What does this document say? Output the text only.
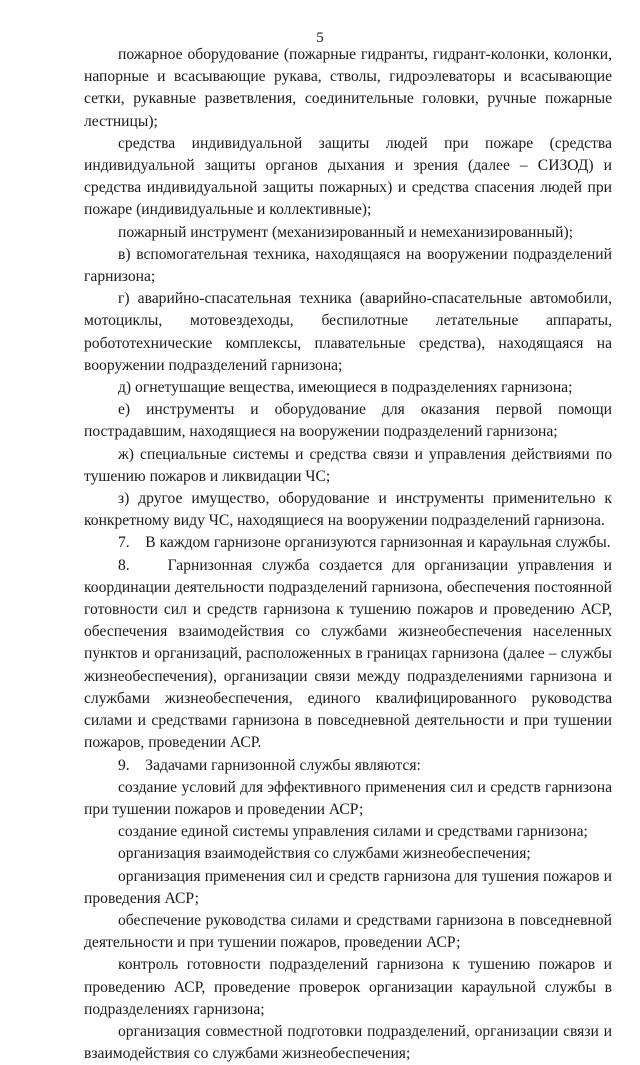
5

пожарное оборудование (пожарные гидранты, гидрант-колонки, колонки, напорные и всасывающие рукава, стволы, гидроэлеваторы и всасывающие сетки, рукавные разветвления, соединительные головки, ручные пожарные лестницы);

средства индивидуальной защиты людей при пожаре (средства индивидуальной защиты органов дыхания и зрения (далее – СИЗОД) и средства индивидуальной защиты пожарных) и средства спасения людей при пожаре (индивидуальные и коллективные);

пожарный инструмент (механизированный и немеханизированный);

в) вспомогательная техника, находящаяся на вооружении подразделений гарнизона;

г) аварийно-спасательная техника (аварийно-спасательные автомобили, мотоциклы, мотовездеходы, беспилотные летательные аппараты, робототехнические комплексы, плавательные средства), находящаяся на вооружении подразделений гарнизона;

д) огнетушащие вещества, имеющиеся в подразделениях гарнизона;

е) инструменты и оборудование для оказания первой помощи пострадавшим, находящиеся на вооружении подразделений гарнизона;

ж) специальные системы и средства связи и управления действиями по тушению пожаров и ликвидации ЧС;

з) другое имущество, оборудование и инструменты применительно к конкретному виду ЧС, находящиеся на вооружении подразделений гарнизона.

7.    В каждом гарнизоне организуются гарнизонная и караульная службы.

8.    Гарнизонная служба создается для организации управления и координации деятельности подразделений гарнизона, обеспечения постоянной готовности сил и средств гарнизона к тушению пожаров и проведению АСР, обеспечения взаимодействия со службами жизнеобеспечения населенных пунктов и организаций, расположенных в границах гарнизона (далее – службы жизнеобеспечения), организации связи между подразделениями гарнизона и службами жизнеобеспечения, единого квалифицированного руководства силами и средствами гарнизона в повседневной деятельности и при тушении пожаров, проведении АСР.

9.    Задачами гарнизонной службы являются:

создание условий для эффективного применения сил и средств гарнизона при тушении пожаров и проведении АСР;

создание единой системы управления силами и средствами гарнизона;

организация взаимодействия со службами жизнеобеспечения;

организация применения сил и средств гарнизона для тушения пожаров и проведения АСР;

обеспечение руководства силами и средствами гарнизона в повседневной деятельности и при тушении пожаров, проведении АСР;

контроль готовности подразделений гарнизона к тушению пожаров и проведению АСР, проведение проверок организации караульной службы в подразделениях гарнизона;

организация совместной подготовки подразделений, организации связи и взаимодействия со службами жизнеобеспечения;
